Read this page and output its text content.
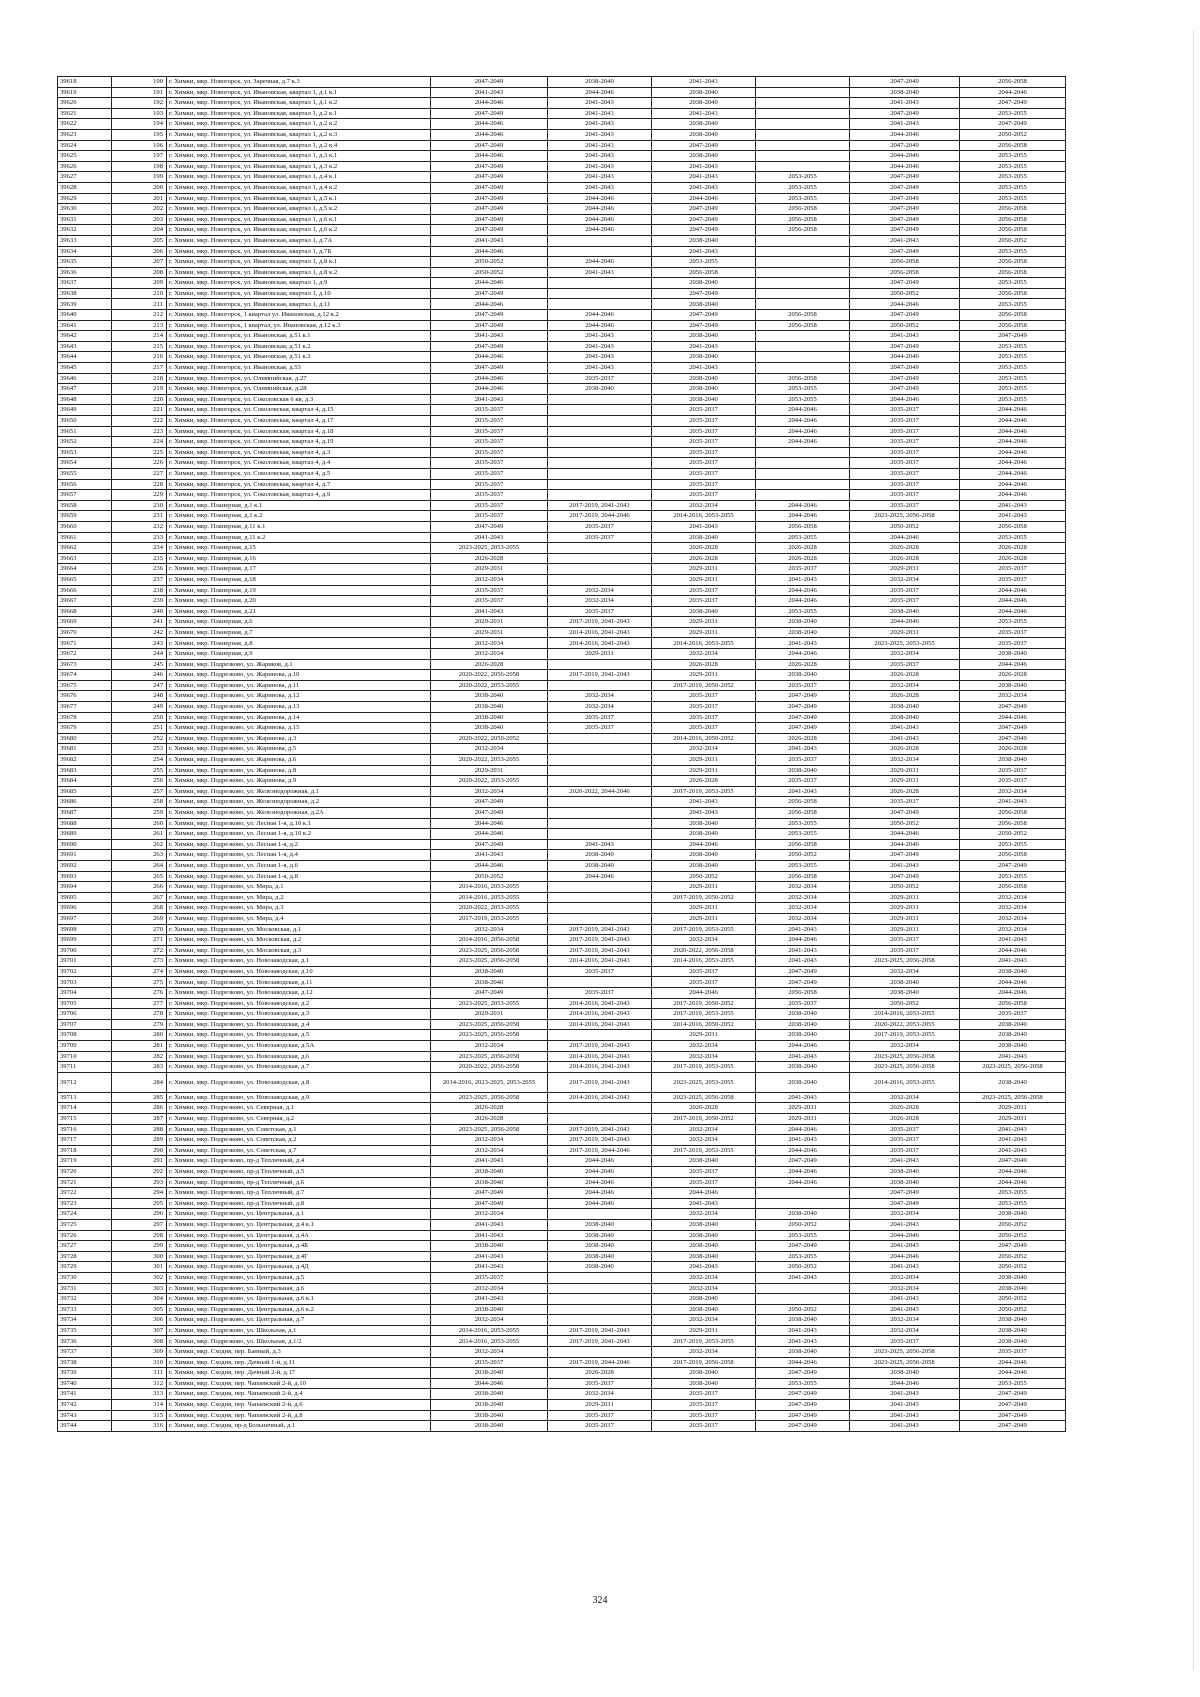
39618	190	г. Химки, мкр. Новогорск, ул. Заречная, д.7 к.3	2047-2049	2038-2040	2041-2043		2047-2049	2056-2058
39619	191	г. Химки, мкр. Новогорск, ул. Ивановская, квартал 1, д.1 к.1	2041-2043	2044-2046	2038-2040		2038-2040	2044-2046
39620	192	г. Химки, мкр. Новогорск, ул. Ивановская, квартал 1, д.1 к.2	2044-2046	2041-2043	2038-2040		2041-2043	2047-2049
39621	193	г. Химки, мкр. Новогорск, ул. Ивановская, квартал 1, д.2 к.1	2047-2049	2041-2043	2041-2043		2047-2049	2053-2055
39622	194	г. Химки, мкр. Новогорск, ул. Ивановская, квартал 1, д.2 к.2	2044-2046	2041-2043	2038-2040		2041-2043	2047-2049
39623	195	г. Химки, мкр. Новогорск, ул. Ивановская, квартал 1, д.2 к.3	2044-2046	2041-2043	2038-2040		2044-2046	2050-2052
39624	196	г. Химки, мкр. Новогорск, ул. Ивановская, квартал 1, д.2 к.4	2047-2049	2041-2043	2047-2049		2047-2049	2056-2058
39625	197	г. Химки, мкр. Новогорск, ул. Ивановская, квартал 1, д.3 к.1	2044-2046	2041-2043	2038-2040		2044-2046	2053-2055
39626	198	г. Химки, мкр. Новогорск, ул. Ивановская, квартал 1, д.3 к.2	2047-2049	2041-2043	2041-2043		2044-2046	2053-2055
39627	199	г. Химки, мкр. Новогорск, ул. Ивановская, квартал 1, д.4 к.1	2047-2049	2041-2043	2041-2043	2053-2055	2047-2049	2053-2055
39628	200	г. Химки, мкр. Новогорск, ул. Ивановская, квартал 1, д.4 к.2	2047-2049	2041-2043	2041-2043	2053-2055	2047-2049	2053-2055
39629	201	г. Химки, мкр. Новогорск, ул. Ивановская, квартал 1, д.5 к.1	2047-2049	2044-2046	2044-2046	2053-2055	2047-2049	2053-2055
39630	202	г. Химки, мкр. Новогорск, ул. Ивановская, квартал 1, д.5 к.2	2047-2049	2044-2046	2047-2049	2056-2058	2047-2049	2056-2058
39631	203	г. Химки, мкр. Новогорск, ул. Ивановская, квартал 1, д.6 к.1	2047-2049	2044-2046	2047-2049	2056-2058	2047-2049	2056-2058
39632	204	г. Химки, мкр. Новогорск, ул. Ивановская, квартал 1, д.6 к.2	2047-2049	2044-2046	2047-2049	2056-2058	2047-2049	2056-2058
39633	205	г. Химки, мкр. Новогорск, ул. Ивановская, квартал 1, д.7А	2041-2043		2038-2040		2041-2043	2050-2052
39634	206	г. Химки, мкр. Новогорск, ул. Ивановская, квартал 1, д.7Б	2044-2046		2041-2043		2047-2049	2053-2055
39635	207	г. Химки, мкр. Новогорск, ул. Ивановская, квартал 1, д.8 к.1	2050-2052	2044-2046	2053-2055		2056-2058	2056-2058
39636	208	г. Химки, мкр. Новогорск, ул. Ивановская, квартал 1, д.8 к.2	2050-2052	2041-2043	2056-2058		2056-2058	2056-2058
39637	209	г. Химки, мкр. Новогорск, ул. Ивановская, квартал 1, д.9	2044-2046		2038-2040		2047-2049	2053-2055
39638	210	г. Химки, мкр. Новогорск, ул. Ивановская, квартал 1, д.10	2047-2049		2047-2049		2050-2052	2056-2058
39639	211	г. Химки, мкр. Новогорск, ул. Ивановская, квартал 1, д.11	2044-2046		2038-2040		2044-2046	2053-2055
39640	212	г. Химки, мкр. Новогорск, 1 квартал ул. Ивановская, д.12 к.2	2047-2049	2044-2046	2047-2049	2056-2058	2047-2049	2056-2058
39641	213	г. Химки, мкр. Новогорск, 1 квартал, ул. Ивановская, д.12 к.3	2047-2049	2044-2046	2047-2049	2056-2058	2050-2052	2056-2058
39642	214	г. Химки, мкр. Новогорск, ул. Ивановская, д.51 к.1	2041-2043	2041-2043	2038-2040		2041-2043	2047-2049
39643	215	г. Химки, мкр. Новогорск, ул. Ивановская, д.51 к.2	2047-2049	2041-2043	2041-2043		2047-2049	2053-2055
39644	216	г. Химки, мкр. Новогорск, ул. Ивановская, д.51 к.3	2044-2046	2041-2043	2038-2040		2044-2046	2053-2055
39645	217	г. Химки, мкр. Новогорск, ул. Ивановская, д.53	2047-2049	2041-2043	2041-2043		2047-2049	2053-2055
39646	218	г. Химки, мкр. Новогорск, ул. Олимпийская, д.27	2044-2046	2035-2037	2038-2040	2056-2058	2047-2049	2053-2055
39647	219	г. Химки, мкр. Новогорск, ул. Олимпийская, д.28	2044-2046	2038-2040	2038-2040	2053-2055	2047-2049	2053-2055
39648	220	г. Химки, мкр. Новогорск, ул. Соколовская 6 кв, д.3	2041-2043		2038-2040	2053-2055	2044-2046	2053-2055
39649	221	г. Химки, мкр. Новогорск, ул. Соколовская, квартал 4, д.15	2035-2037		2035-2037	2044-2046	2035-2037	2044-2046
39650	222	г. Химки, мкр. Новогорск, ул. Соколовская, квартал 4, д.17	2035-2037		2035-2037	2044-2046	2035-2037	2044-2046
39651	223	г. Химки, мкр. Новогорск, ул. Соколовская, квартал 4, д.18	2035-2037		2035-2037	2044-2046	2035-2037	2044-2046
39652	224	г. Химки, мкр. Новогорск, ул. Соколовская, квартал 4, д.19	2035-2037		2035-2037	2044-2046	2035-2037	2044-2046
39653	225	г. Химки, мкр. Новогорск, ул. Соколовская, квартал 4, д.3	2035-2037		2035-2037		2035-2037	2044-2046
39654	226	г. Химки, мкр. Новогорск, ул. Соколовская, квартал 4, д.4	2035-2037		2035-2037		2035-2037	2044-2046
39655	227	г. Химки, мкр. Новогорск, ул. Соколовская, квартал 4, д.5	2035-2037		2035-2037		2035-2037	2044-2046
39656	228	г. Химки, мкр. Новогорск, ул. Соколовская, квартал 4, д.7	2035-2037		2035-2037		2035-2037	2044-2046
39657	229	г. Химки, мкр. Новогорск, ул. Соколовская, квартал 4, д.9	2035-2037		2035-2037		2035-2037	2044-2046
39658	230	г. Химки, мкр. Планерная, д.1 к.1	2035-2037	2017-2019, 2041-2043	2032-2034	2044-2046	2035-2037	2041-2043
39659	231	г. Химки, мкр. Планерная, д.1 к.2	2035-2037	2017-2019, 2044-2046	2014-2016, 2053-2055	2044-2046	2023-2025, 2056-2058	2041-2043
39660	232	г. Химки, мкр. Планерная, д.11 к.1	2047-2049	2035-2037	2041-2043	2056-2058	2050-2052	2056-2058
39661	233	г. Химки, мкр. Планерная, д.11 к.2	2041-2043	2035-2037	2038-2040	2053-2055	2044-2046	2053-2055
39662	234	г. Химки, мкр. Планерная, д.15	2023-2025, 2053-2055		2026-2028	2026-2028	2026-2028	2026-2028
39663	235	г. Химки, мкр. Планерная, д.16	2026-2028		2026-2028	2026-2028	2026-2028	2026-2028
39664	236	г. Химки, мкр. Планерная, д.17	2029-2031		2029-2031	2035-2037	2029-2031	2035-2037
39665	237	г. Химки, мкр. Планерная, д.18	2032-2034		2029-2031	2041-2043	2032-2034	2035-2037
39666	238	г. Химки, мкр. Планерная, д.19	2035-2037	2032-2034	2035-2037	2044-2046	2035-2037	2044-2046
39667	239	г. Химки, мкр. Планерная, д.20	2035-2037	2032-2034	2035-2037	2044-2046	2035-2037	2044-2046
39668	240	г. Химки, мкр. Планерная, д.21	2041-2043	2035-2037	2038-2040	2053-2055	2038-2040	2044-2046
39669	241	г. Химки, мкр. Планерная, д.6	2029-2031	2017-2019, 2041-2043	2029-2031	2038-2040	2044-2046	2053-2055
39670	242	г. Химки, мкр. Планерная, д.7	2029-2031	2014-2016, 2041-2043	2029-2031	2038-2040	2029-2031	2035-2037
39671	243	г. Химки, мкр. Планерная, д.8	2032-2034	2014-2016, 2041-2043	2014-2016, 2053-2055	2041-2043	2023-2025, 2053-2055	2035-2037
39672	244	г. Химки, мкр. Планерная, д.9	2032-2034	2029-2031	2032-2034	2044-2046	2032-2034	2038-2040
39673	245	г. Химки, мкр. Подрезково, ул. Жариков, д.1	2026-2028		2026-2028	2026-2028	2035-2037	2044-2046
39674	246	г. Химки, мкр. Подрезково, ул. Жаринова, д.10	2020-2022, 2056-2058	2017-2019, 2041-2043	2029-2031	2038-2040	2026-2028	2026-2028
39675	247	г. Химки, мкр. Подрезково, ул. Жаринова, д.11	2020-2022, 2053-2055		2017-2019, 2050-2052	2035-2037	2032-2034	2038-2040
39676	248	г. Химки, мкр. Подрезково, ул. Жаринова, д.12	2038-2040	2032-2034	2035-2037	2047-2049	2026-2028	2032-2034
39677	249	г. Химки, мкр. Подрезково, ул. Жаринова, д.13	2038-2040	2032-2034	2035-2037	2047-2049	2038-2040	2047-2049
39678	250	г. Химки, мкр. Подрезково, ул. Жаринова, д.14	2038-2040	2035-2037	2035-2037	2047-2049	2038-2040	2044-2046
39679	251	г. Химки, мкр. Подрезково, ул. Жаринова, д.15	2038-2040	2035-2037	2035-2037	2047-2049	2041-2043	2047-2049
39680	252	г. Химки, мкр. Подрезково, ул. Жаринова, д.3	2020-2022, 2050-2052		2014-2016, 2050-2052	2026-2028	2041-2043	2047-2049
39681	253	г. Химки, мкр. Подрезково, ул. Жаринова, д.5	2032-2034		2032-2034	2041-2043	2026-2028	2026-2028
39682	254	г. Химки, мкр. Подрезково, ул. Жаринова, д.6	2020-2022, 2053-2055		2029-2031	2035-2037	2032-2034	2038-2040
39683	255	г. Химки, мкр. Подрезково, ул. Жаринова, д.8	2029-2031		2029-2031	2038-2040	2029-2031	2035-2037
39684	256	г. Химки, мкр. Подрезково, ул. Жаринова, д.9	2020-2022, 2053-2055		2026-2028	2035-2037	2029-2031	2035-2037
39685	257	г. Химки, мкр. Подрезково, ул. Железнодорожная, д.1	2032-2034	2020-2022, 2044-2046	2017-2019, 2053-2055	2041-2043	2026-2028	2032-2034
39686	258	г. Химки, мкр. Подрезково, ул. Железнодорожная, д.2	2047-2049		2041-2043	2056-2058	2035-2037	2041-2043
39687	259	г. Химки, мкр. Подрезково, ул. Железнодорожная, д.2А	2047-2049		2041-2043	2056-2058	2047-2049	2056-2058
39688	260	г. Химки, мкр. Подрезково, ул. Лесная 1-я, д.10 к.1	2044-2046		2038-2040	2053-2055	2050-2052	2056-2058
39689	261	г. Химки, мкр. Подрезково, ул. Лесная 1-я, д.10 к.2	2044-2046		2038-2040	2053-2055	2044-2046	2050-2052
39690	262	г. Химки, мкр. Подрезково, ул. Лесная 1-я, д.2	2047-2049	2041-2043	2044-2046	2056-2058	2044-2046	2053-2055
39691	263	г. Химки, мкр. Подрезково, ул. Лесная 1-я, д.4	2041-2043	2038-2040	2038-2040	2050-2052	2047-2049	2056-2058
39692	264	г. Химки, мкр. Подрезково, ул. Лесная 1-я, д.6	2044-2046	2038-2040	2038-2040	2053-2055	2041-2043	2047-2049
39693	265	г. Химки, мкр. Подрезково, ул. Лесная 1-я, д.8	2050-2052	2044-2046	2050-2052	2056-2058	2047-2049	2053-2055
39694	266	г. Химки, мкр. Подрезково, ул. Мира, д.1	2014-2016, 2053-2055		2029-2031	2032-2034	2050-2052	2056-2058
39695	267	г. Химки, мкр. Подрезково, ул. Мира, д.2	2014-2016, 2053-2055		2017-2019, 2050-2052	2032-2034	2029-2031	2032-2034
39696	268	г. Химки, мкр. Подрезково, ул. Мира, д.3	2020-2022, 2053-2055		2029-2031	2032-2034	2029-2031	2032-2034
39697	269	г. Химки, мкр. Подрезково, ул. Мира, д.4	2017-2019, 2053-2055		2029-2031	2032-2034	2029-2031	2032-2034
39698	270	г. Химки, мкр. Подрезково, ул. Московская, д.1	2032-2034	2017-2019, 2041-2043	2017-2019, 2053-2055	2041-2043	2029-2031	2032-2034
39699	271	г. Химки, мкр. Подрезково, ул. Московская, д.2	2014-2016, 2056-2058	2017-2019, 2041-2043	2032-2034	2044-2046	2035-2037	2041-2043
39700	272	г. Химки, мкр. Подрезково, ул. Московская, д.3	2023-2025, 2056-2058	2017-2019, 2041-2043	2020-2022, 2056-2058	2041-2043	2035-2037	2044-2046
39701	273	г. Химки, мкр. Подрезково, ул. Новозаводская, д.1	2023-2025, 2056-2058	2014-2016, 2041-2043	2014-2016, 2053-2055	2041-2043	2023-2025, 2056-2058	2041-2043
39702	274	г. Химки, мкр. Подрезково, ул. Новозаводская, д.10	2038-2040	2035-2037	2035-2037	2047-2049	2032-2034	2038-2040
39703	275	г. Химки, мкр. Подрезково, ул. Новозаводская, д.11	2038-2040		2035-2037	2047-2049	2038-2040	2044-2046
39704	276	г. Химки, мкр. Подрезково, ул. Новозаводская, д.12	2047-2049	2035-2037	2044-2046	2056-2058	2038-2040	2044-2046
39705	277	г. Химки, мкр. Подрезково, ул. Новозаводская, д.2	2023-2025, 2053-2055	2014-2016, 2041-2043	2017-2019, 2050-2052	2035-2037	2050-2052	2056-2058
39706	278	г. Химки, мкр. Подрезково, ул. Новозаводская, д.3	2029-2031	2014-2016, 2041-2043	2017-2019, 2053-2055	2038-2040	2014-2016, 2053-2055	2035-2037
39707	279	г. Химки, мкр. Подрезково, ул. Новозаводская, д.4	2023-2025, 2056-2058	2014-2016, 2041-2043	2014-2016, 2050-2052	2038-2040	2020-2022, 2053-2055	2038-2040
39708	280	г. Химки, мкр. Подрезково, ул. Новозаводская, д.5	2023-2025, 2056-2058		2029-2031	2038-2040	2017-2019, 2053-2055	2038-2040
39709	281	г. Химки, мкр. Подрезково, ул. Новозаводская, д.5А	2032-2034	2017-2019, 2041-2043	2032-2034	2044-2046	2032-2034	2038-2040
39710	282	г. Химки, мкр. Подрезково, ул. Новозаводская, д.6	2023-2025, 2056-2058	2014-2016, 2041-2043	2032-2034	2041-2043	2023-2025, 2056-2058	2041-2043
39711	283	г. Химки, мкр. Подрезково, ул. Новозаводская, д.7	2020-2022, 2056-2058	2014-2016, 2041-2043	2017-2019, 2053-2055	2038-2040	2023-2025, 2056-2058	2023-2025, 2056-2058
39712	284	г. Химки, мкр. Подрезково, ул. Новозаводская, д.8	2014-2016, 2023-2025, 2053-2055	2017-2019, 2041-2043	2023-2025, 2053-2055	2038-2040	2014-2016, 2053-2055	2038-2040
39713	285	г. Химки, мкр. Подрезково, ул. Новозаводская, д.9	2023-2025, 2056-2058	2014-2016, 2041-2043	2023-2025, 2056-2058	2041-2043	2032-2034	2023-2025, 2056-2058
39714	286	г. Химки, мкр. Подрезково, ул. Северная, д.1	2026-2028		2026-2028	2029-2031	2026-2028	2029-2031
39715	287	г. Химки, мкр. Подрезково, ул. Северная, д.2	2026-2028		2017-2019, 2050-2052	2029-2031	2026-2028	2029-2031
39716	288	г. Химки, мкр. Подрезково, ул. Советская, д.1	2023-2025, 2056-2058	2017-2019, 2041-2043	2032-2034	2044-2046	2035-2037	2041-2043
39717	289	г. Химки, мкр. Подрезково, ул. Советская, д.2	2032-2034	2017-2019, 2041-2043	2032-2034	2041-2043	2035-2037	2041-2043
39718	290	г. Химки, мкр. Подрезково, ул. Советская, д.7	2032-2034	2017-2019, 2044-2046	2017-2019, 2053-2055	2044-2046	2035-2037	2041-2043
39719	291	г. Химки, мкр. Подрезково, пр-д Тепличный, д.4	2041-2043	2044-2046	2038-2040	2047-2049	2041-2043	2047-2049
39720	292	г. Химки, мкр. Подрезково, пр-д Тепличный, д.5	2038-2040	2044-2046	2035-2037	2044-2046	2038-2040	2044-2046
39721	293	г. Химки, мкр. Подрезково, пр-д Тепличный, д.6	2038-2040	2044-2046	2035-2037	2044-2046	2038-2040	2044-2046
39722	294	г. Химки, мкр. Подрезково, пр-д Тепличный, д.7	2047-2049	2044-2046	2044-2046		2047-2049	2053-2055
39723	295	г. Химки, мкр. Подрезково, пр-д Тепличный, д.8	2047-2049	2044-2046	2041-2043		2047-2049	2053-2055
39724	296	г. Химки, мкр. Подрезково, ул. Центральная, д.1	2032-2034		2032-2034	2038-2040	2032-2034	2038-2040
39725	297	г. Химки, мкр. Подрезково, ул. Центральная, д.4 к.1	2041-2043	2038-2040	2038-2040	2050-2052	2041-2043	2050-2052
39726	298	г. Химки, мкр. Подрезково, ул. Центральная, д.4А	2041-2043	2038-2040	2038-2040	2053-2055	2044-2046	2050-2052
39727	299	г. Химки, мкр. Подрезково, ул. Центральная, д.4Б	2038-2040	2038-2040	2038-2040	2047-2049	2041-2043	2047-2049
39728	300	г. Химки, мкр. Подрезково, ул. Центральная, д.4Г	2041-2043	2038-2040	2038-2040	2053-2055	2044-2046	2050-2052
39729	301	г. Химки, мкр. Подрезково, ул. Центральная, д.4Д	2041-2043	2038-2040	2041-2043	2050-2052	2041-2043	2050-2052
39730	302	г. Химки, мкр. Подрезково, ул. Центральная, д.5	2035-2037		2032-2034	2041-2043	2032-2034	2038-2040
39731	303	г. Химки, мкр. Подрезково, ул. Центральная, д.6	2032-2034		2032-2034		2032-2034	2038-2040
39732	304	г. Химки, мкр. Подрезково, ул. Центральная, д.6 к.1	2041-2043		2038-2040		2041-2043	2050-2052
39733	305	г. Химки, мкр. Подрезково, ул. Центральная, д.6 к.2	2038-2040		2038-2040	2050-2052	2041-2043	2050-2052
39734	306	г. Химки, мкр. Подрезково, ул. Центральная, д.7	2032-2034		2032-2034	2038-2040	2032-2034	2038-2040
39735	307	г. Химки, мкр. Подрезково, ул. Школьная, д.1	2014-2016, 2053-2055	2017-2019, 2041-2043	2029-2031	2041-2043	2032-2034	2038-2040
39736	308	г. Химки, мкр. Подрезково, ул. Школьная, д.1/2	2014-2016, 2053-2055	2017-2019, 2041-2043	2017-2019, 2053-2055	2041-2043	2035-2037	2038-2040
39737	309	г. Химки, мкр. Сходня, пер. Банный, д.3	2032-2034		2032-2034	2038-2040	2023-2025, 2056-2058	2035-2037
39738	310	г. Химки, мкр. Сходня, пер. Дачный 1-й, д.11	2035-2037	2017-2019, 2044-2046	2017-2019, 2056-2058	2044-2046	2023-2025, 2056-2058	2044-2046
39739	311	г. Химки, мкр. Сходня, пер. Дачный 2-й, д.17	2038-2040	2026-2028	2038-2040	2047-2049	2038-2040	2044-2046
39740	312	г. Химки, мкр. Сходня, пер. Чапаевский 2-й, д.10	2044-2046	2035-2037	2038-2040	2053-2055	2044-2046	2053-2055
39741	313	г. Химки, мкр. Сходня, пер. Чапаевский 2-й, д.4	2038-2040	2032-2034	2035-2037	2047-2049	2041-2043	2047-2049
39742	314	г. Химки, мкр. Сходня, пер. Чапаевский 2-й, д.6	2038-2040	2029-2031	2035-2037	2047-2049	2041-2043	2047-2049
39743	315	г. Химки, мкр. Сходня, пер. Чапаевский 2-й, д.8	2038-2040	2035-2037	2035-2037	2047-2049	2041-2043	2047-2049
39744	316	г. Химки, мкр. Сходня, пр-д Больничный, д.1	2038-2040	2035-2037	2035-2037	2047-2049	2041-2043	2047-2049
324
